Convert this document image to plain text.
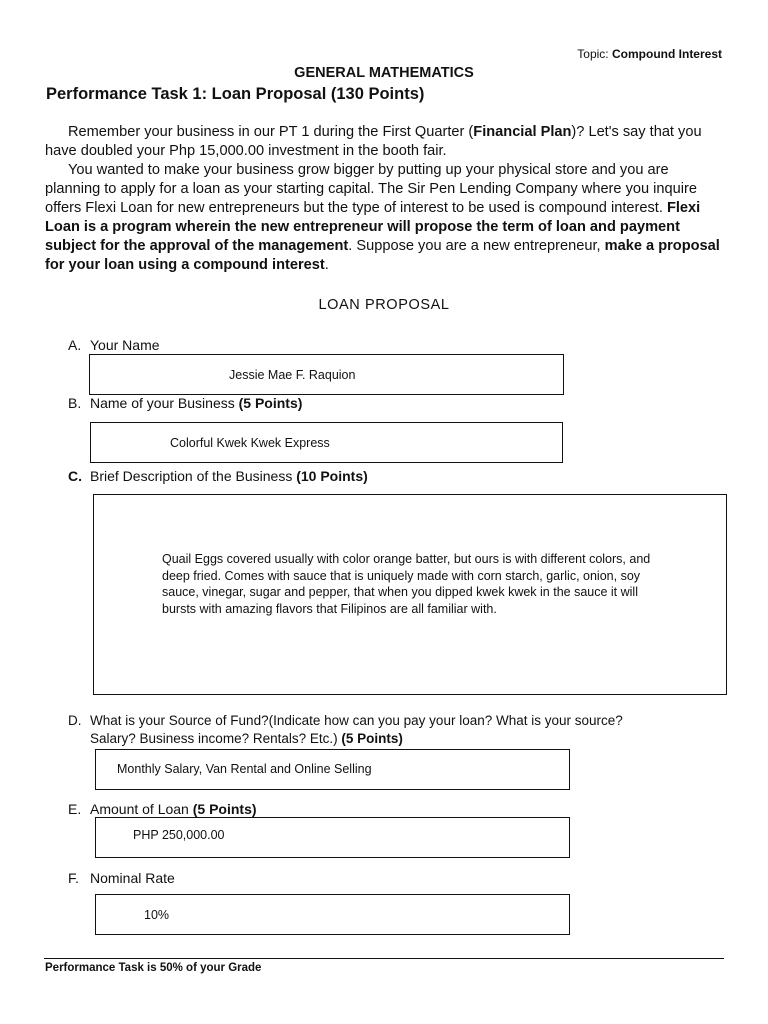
Topic: Compound Interest
GENERAL MATHEMATICS
Performance Task 1: Loan Proposal (130 Points)

Remember your business in our PT 1 during the First Quarter (Financial Plan)? Let's say that you have doubled your Php 15,000.00 investment in the booth fair.

You wanted to make your business grow bigger by putting up your physical store and you are planning to apply for a loan as your starting capital. The Sir Pen Lending Company where you inquire offers Flexi Loan for new entrepreneurs but the type of interest to be used is compound interest. Flexi Loan is a program wherein the new entrepreneur will propose the term of loan and payment subject for the approval of the management. Suppose you are a new entrepreneur, make a proposal for your loan using a compound interest.

LOAN PROPOSAL
A. Your Name
Jessie Mae F. Raquion
B. Name of your Business (5 Points)
Colorful Kwek Kwek Express
C. Brief Description of the Business (10 Points)
Quail Eggs covered usually with color orange batter, but ours is with different colors, and deep fried. Comes with sauce that is uniquely made with corn starch, garlic, onion, soy sauce, vinegar, sugar and pepper, that when you dipped kwek kwek in the sauce it will bursts with amazing flavors that Filipinos are all familiar with.
D. What is your Source of Fund?(Indicate how can you pay your loan? What is your source?
Salary? Business income? Rentals? Etc.) (5 Points)
Monthly Salary, Van Rental and Online Selling
E. Amount of Loan (5 Points)
PHP 250,000.00
F. Nominal Rate
10%
Performance Task is 50% of your Grade
